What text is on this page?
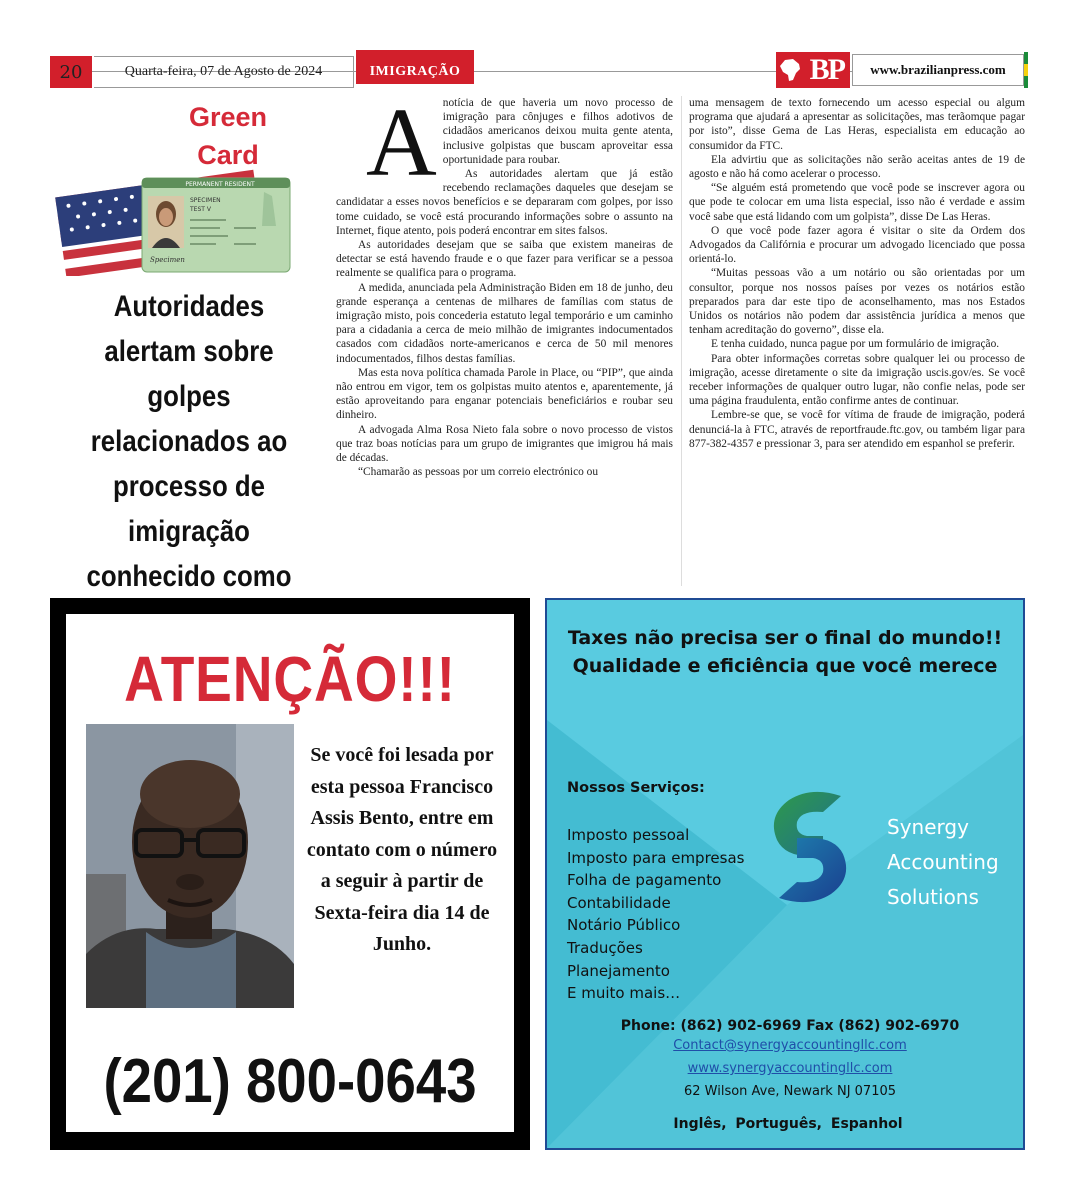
20	Quarta-feira, 07 de Agosto de 2024	IMIGRAÇÃO	BP	www.brazilianpress.com
Green
Card
PERMANENT RESIDENT
SPECIMEN
TEST V
Specimen
Autoridades alertam sobre golpes relacionados ao processo de imigração conhecido como
A notícia de que haveria um novo processo de imigração para cônjuges e filhos adotivos de cidadãos americanos deixou muita gente atenta, inclusive golpistas que buscam aproveitar essa oportunidade para roubar.

As autoridades alertam que já estão recebendo reclamações daqueles que desejam se candidatar a esses novos benefícios e se depararam com golpes, por isso tome cuidado, se você está procurando informações sobre o assunto na Internet, fique atento, pois poderá encontrar em sites falsos.

As autoridades desejam que se saiba que existem maneiras de detectar se está havendo fraude e o que fazer para verificar se a pessoa realmente se qualifica para o programa.

A medida, anunciada pela Administração Biden em 18 de junho, deu grande esperança a centenas de milhares de famílias com status de imigração misto, pois concederia estatuto legal temporário e um caminho para a cidadania a cerca de meio milhão de imigrantes indocumentados casados com cidadãos norte-americanos e cerca de 50 mil menores indocumentados, filhos destas famílias.

Mas esta nova política chamada Parole in Place, ou “PIP”, que ainda não entrou em vigor, tem os golpistas muito atentos e, aparentemente, já estão aproveitando para enganar potenciais beneficiários e roubar seu dinheiro.

A advogada Alma Rosa Nieto fala sobre o novo processo de vistos que traz boas notícias para um grupo de imigrantes que imigrou há mais de décadas.

“Chamarão as pessoas por um correio electrónico ou

uma mensagem de texto fornecendo um acesso especial ou algum programa que ajudará a apresentar as solicitações, mas terãomque pagar por isto”, disse Gema de Las Heras, especialista em educação ao consumidor da FTC.

Ela advirtiu que as solicitações não serão aceitas antes de 19 de agosto e não há como acelerar o processo.

“Se alguém está prometendo que você pode se inscrever agora ou que pode te colocar em uma lista especial, isso não é verdade e assim você sabe que está lidando com um golpista”, disse De Las Heras.

O que você pode fazer agora é visitar o site da Ordem dos Advogados da Califórnia e procurar um advogado licenciado que possa orientá-lo.

“Muitas pessoas vão a um notário ou são orientadas por um consultor, porque nos nossos países por vezes os notários estão preparados para dar este tipo de aconselhamento, mas nos Estados Unidos os notários não podem dar assistência jurídica a menos que tenham acreditação do governo”, disse ela.

E tenha cuidado, nunca pague por um formulário de imigração.

Para obter informações corretas sobre qualquer lei ou processo de imigração, acesse diretamente o site da imigração uscis.gov/es. Se você receber informações de qualquer outro lugar, não confie nelas, pode ser uma página fraudulenta, então confirme antes de continuar.

Lembre-se que, se você for vítima de fraude de imigração, poderá denunciá-la à FTC, através de reportfraude.ftc.gov, ou também ligar para 877-382-4357 e pressionar 3, para ser atendido em espanhol se preferir.

ATENÇÃO!!!
Se você foi lesada por esta pessoa Francisco Assis Bento, entre em contato com o número a seguir à partir de Sexta-feira dia 14 de Junho.
(201) 800-0643
Taxes não precisa ser o final do mundo!!
Qualidade e eficiência que você merece
Nossos Serviços:
Imposto pessoal
Imposto para empresas
Folha de pagamento
Contabilidade
Notário Público
Traduções
Planejamento
E muito mais…
Synergy
Accounting
Solutions
Phone: (862) 902-6969 Fax (862) 902-6970
Contact@synergyaccountingllc.com
www.synergyaccountingllc.com
62 Wilson Ave, Newark NJ 07105
Inglês, Português, Espanhol
